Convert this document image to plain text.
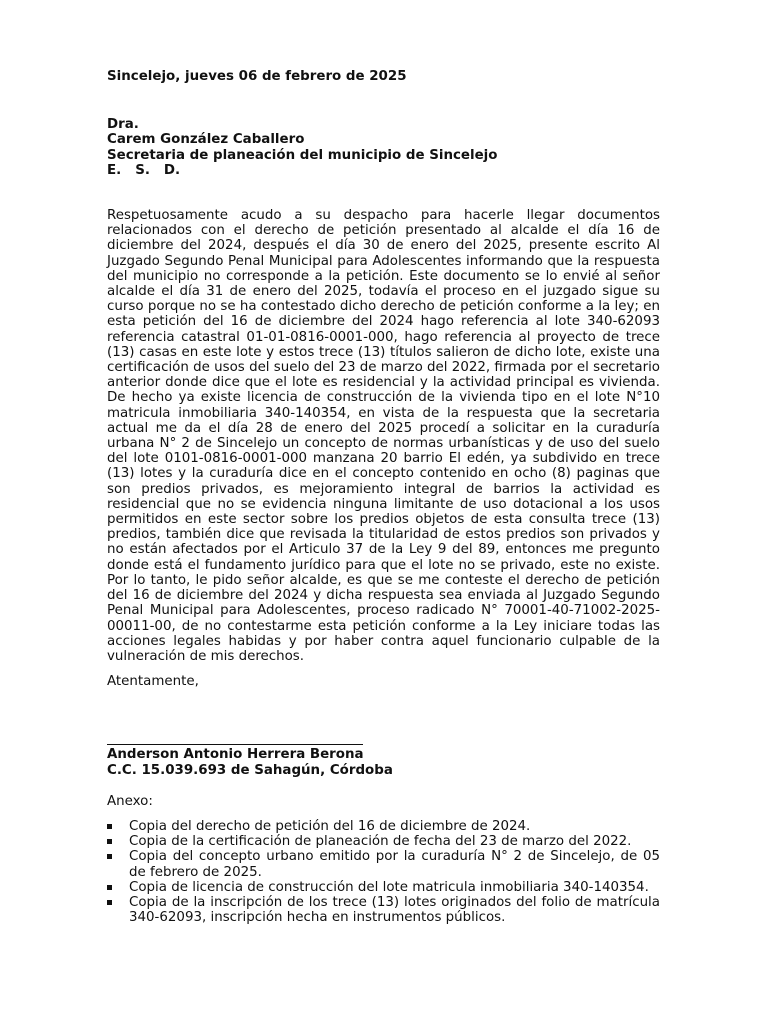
Sincelejo, jueves 06 de febrero de 2025

Dra.
Carem González Caballero
Secretaria de planeación del municipio de Sincelejo
E.   S.   D.

Respetuosamente acudo a su despacho para hacerle llegar documentos relacionados con el derecho de petición presentado al alcalde el día 16 de diciembre del 2024, después el día 30 de enero del 2025, presente escrito Al Juzgado Segundo Penal Municipal para Adolescentes informando que la respuesta del municipio no corresponde a la petición. Este documento se lo envié al señor alcalde el día 31 de enero del 2025, todavía el proceso en el juzgado sigue su curso porque no se ha contestado dicho derecho de petición conforme a la ley; en esta petición del 16 de diciembre del 2024 hago referencia al lote 340-62093 referencia catastral 01-01-0816-0001-000, hago referencia al proyecto de trece (13) casas en este lote y estos trece (13) títulos salieron de dicho lote, existe una certificación de usos del suelo del 23 de marzo del 2022, firmada por el secretario anterior donde dice que el lote es residencial y la actividad principal es vivienda. De hecho ya existe licencia de construcción de la vivienda tipo en el lote N°10 matricula inmobiliaria 340-140354, en vista de la respuesta que la secretaria actual me da el día 28 de enero del 2025 procedí a solicitar en la curaduría urbana N° 2 de Sincelejo un concepto de normas urbanísticas y de uso del suelo del lote 0101-0816-0001-000 manzana 20 barrio El edén, ya subdivido en trece (13) lotes y la curaduría dice en el concepto contenido en ocho (8) paginas que son predios privados, es mejoramiento integral de barrios la actividad es residencial que no se evidencia ninguna limitante de uso dotacional a los usos permitidos en este sector sobre los predios objetos de esta consulta trece (13) predios, también dice que revisada la titularidad de estos predios son privados y no están afectados por el Articulo 37 de la Ley 9 del 89, entonces me pregunto donde está el fundamento jurídico para que el lote no se privado, este no existe. Por lo tanto, le pido señor alcalde, es que se me conteste el derecho de petición del 16 de diciembre del 2024 y dicha respuesta sea enviada al Juzgado Segundo Penal Municipal para Adolescentes, proceso radicado N° 70001-40-71002-2025-00011-00, de no contestarme esta petición conforme a la Ley iniciare todas las acciones legales habidas y por haber contra aquel funcionario culpable de la vulneración de mis derechos.

Atentamente,

Anderson Antonio Herrera Berona
C.C. 15.039.693 de Sahagún, Córdoba

Anexo:

Copia del derecho de petición del 16 de diciembre de 2024.
Copia de la certificación de planeación de fecha del 23 de marzo del 2022.
Copia del concepto urbano emitido por la curaduría N° 2 de Sincelejo, de 05 de febrero de 2025.
Copia de licencia de construcción del lote matricula inmobiliaria 340-140354.
Copia de la inscripción de los trece (13) lotes originados del folio de matrícula 340-62093, inscripción hecha en instrumentos públicos.
